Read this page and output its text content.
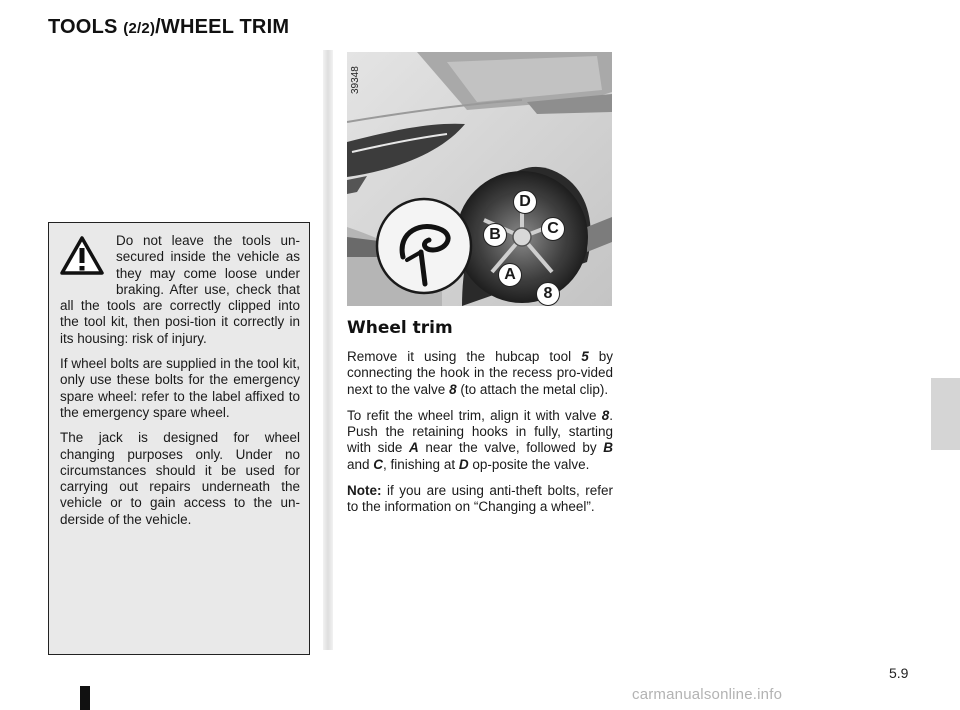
TOOLS (2/2)/WHEEL TRIM

Do not leave the tools un-secured inside the vehicle as they may come loose under braking. After use, check that all the tools are correctly clipped into the tool kit, then posi-tion it correctly in its housing: risk of injury.

If wheel bolts are supplied in the tool kit, only use these bolts for the emergency spare wheel: refer to the label affixed to the emergency spare wheel.

The jack is designed for wheel changing purposes only. Under no circumstances should it be used for carrying out repairs underneath the vehicle or to gain access to the un-derside of the vehicle.

D
C
B
A
8
39348
Wheel trim

Remove it using the hubcap tool 5 by connecting the hook in the recess pro-vided next to the valve 8 (to attach the metal clip).

To refit the wheel trim, align it with valve 8. Push the retaining hooks in fully, starting with side A near the valve, followed by B and C, finishing at D op-posite the valve.

Note: if you are using anti-theft bolts, refer to the information on “Changing a wheel”.

5.9
carmanualsonline.info
